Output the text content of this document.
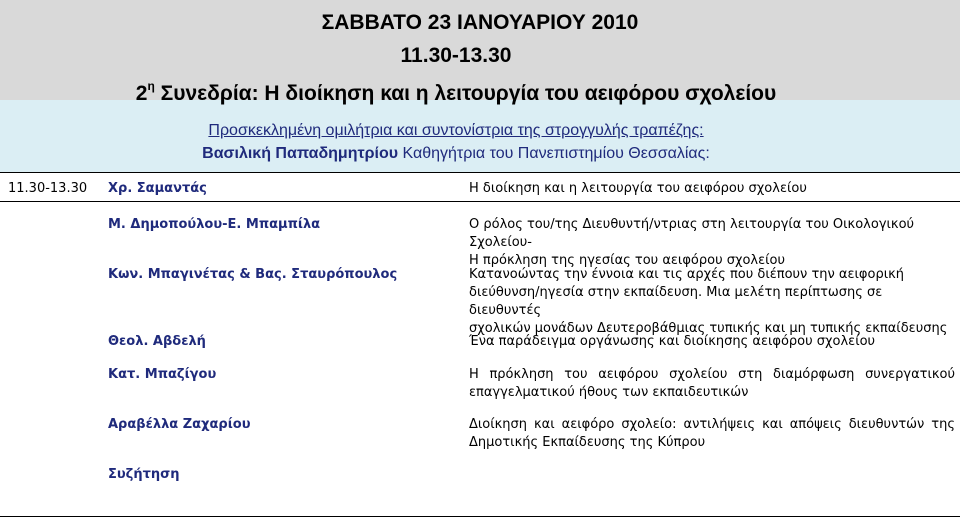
ΣΑΒΒΑΤΟ 23 ΙΑΝΟΥΑΡΙΟΥ 2010
11.30-13.30
$2^\eta$ Συνεδρία: Η διοίκηση και η λειτουργία του αειφόρου σχολείου
Προσκεκλημένη ομιλήτρια και συντονίστρια της στρογγυλής τραπέζης:
Βασιλική Παπαδημητρίου Καθηγήτρια του Πανεπιστημίου Θεσσαλίας:
11.30-13.30 Χρ. Σαμαντάς	Η διοίκηση και η λειτουργία του αειφόρου σχολείου
Μ. Δημοπούλου-Ε. Μπαμπίλα	Ο ρόλος του/της Διευθυντή/ντριας στη λειτουργία του Οικολογικού Σχολείου-
Η πρόκληση της ηγεσίας του αειφόρου σχολείου
Κων. Μπαγινέτας & Βας. Σταυρόπουλος	Κατανοώντας την έννοια και τις αρχές που διέπουν την αειφορική
διεύθυνση/ηγεσία στην εκπαίδευση. Μια μελέτη περίπτωσης σε διευθυντές
σχολικών μονάδων Δευτεροβάθμιας τυπικής και μη τυπικής εκπαίδευσης
Θεολ. Αβδελή	Ένα παράδειγμα οργάνωσης και διοίκησης αειφόρου σχολείου
Κατ. Μπαζίγου	Η πρόκληση του αειφόρου σχολείου στη διαμόρφωση συνεργατικού
επαγγελματικού ήθους των εκπαιδευτικών
Αραβέλλα Ζαχαρίου	Διοίκηση και αειφόρο σχολείο: αντιλήψεις και απόψεις διευθυντών της
Δημοτικής Εκπαίδευσης της Κύπρου
Συζήτηση
